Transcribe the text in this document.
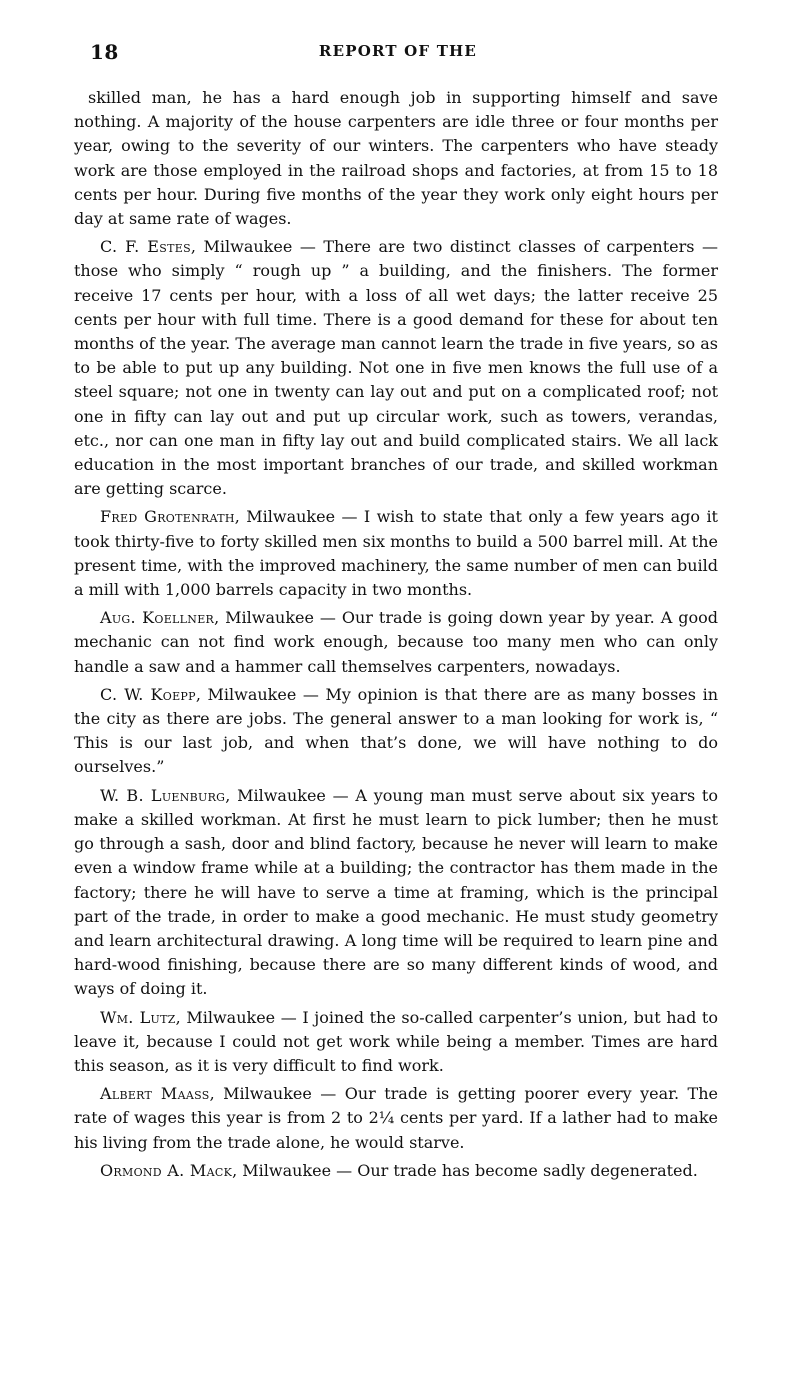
18	REPORT OF THE

skilled man, he has a hard enough job in supporting himself and save nothing. A majority of the house carpenters are idle three or four months per year, owing to the severity of our winters. The carpenters who have steady work are those employed in the railroad shops and factories, at from 15 to 18 cents per hour. During five months of the year they work only eight hours per day at same rate of wages.

C. F. Estes, Milwaukee — There are two distinct classes of carpenters — those who simply “ rough up ” a building, and the finishers. The former receive 17 cents per hour, with a loss of all wet days; the latter receive 25 cents per hour with full time. There is a good demand for these for about ten months of the year. The average man cannot learn the trade in five years, so as to be able to put up any building. Not one in five men knows the full use of a steel square; not one in twenty can lay out and put on a complicated roof; not one in fifty can lay out and put up circular work, such as towers, verandas, etc., nor can one man in fifty lay out and build complicated stairs. We all lack education in the most important branches of our trade, and skilled workman are getting scarce.

Fred Grotenrath, Milwaukee — I wish to state that only a few years ago it took thirty-five to forty skilled men six months to build a 500 barrel mill. At the present time, with the improved machinery, the same number of men can build a mill with 1,000 barrels capacity in two months.

Aug. Koellner, Milwaukee — Our trade is going down year by year. A good mechanic can not find work enough, because too many men who can only handle a saw and a hammer call themselves carpenters, nowadays.

C. W. Koepp, Milwaukee — My opinion is that there are as many bosses in the city as there are jobs. The general answer to a man looking for work is, “ This is our last job, and when that’s done, we will have nothing to do ourselves.”

W. B. Luenburg, Milwaukee — A young man must serve about six years to make a skilled workman. At first he must learn to pick lumber; then he must go through a sash, door and blind factory, because he never will learn to make even a window frame while at a building; the contractor has them made in the factory; there he will have to serve a time at framing, which is the principal part of the trade, in order to make a good mechanic. He must study geometry and learn architectural drawing. A long time will be required to learn pine and hard-wood finishing, because there are so many different kinds of wood, and ways of doing it.

Wm. Lutz, Milwaukee — I joined the so-called carpenter’s union, but had to leave it, because I could not get work while being a member. Times are hard this season, as it is very difficult to find work.

Albert Maass, Milwaukee — Our trade is getting poorer every year. The rate of wages this year is from 2 to 2¼ cents per yard. If a lather had to make his living from the trade alone, he would starve.

Ormond A. Mack, Milwaukee — Our trade has become sadly degenerated.
